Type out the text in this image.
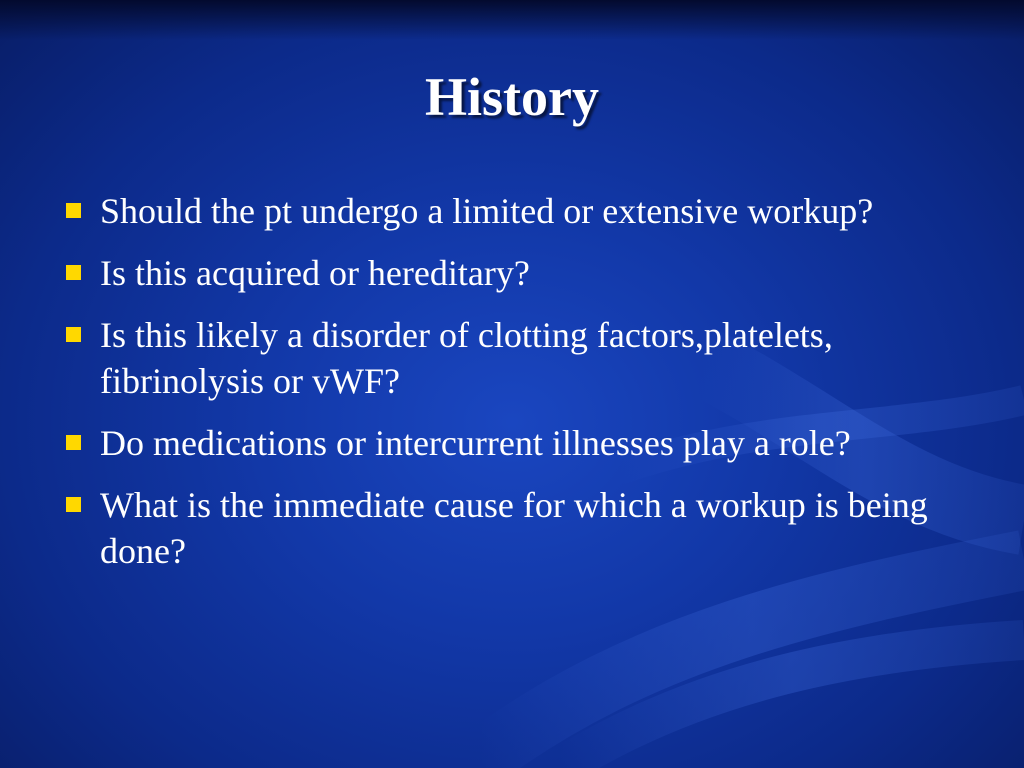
History
Should the pt undergo a limited or extensive workup?
Is this acquired or hereditary?
Is this likely a disorder of clotting factors,platelets, fibrinolysis or vWF?
Do medications or intercurrent illnesses play a role?
What is the immediate cause for which a workup is being done?
